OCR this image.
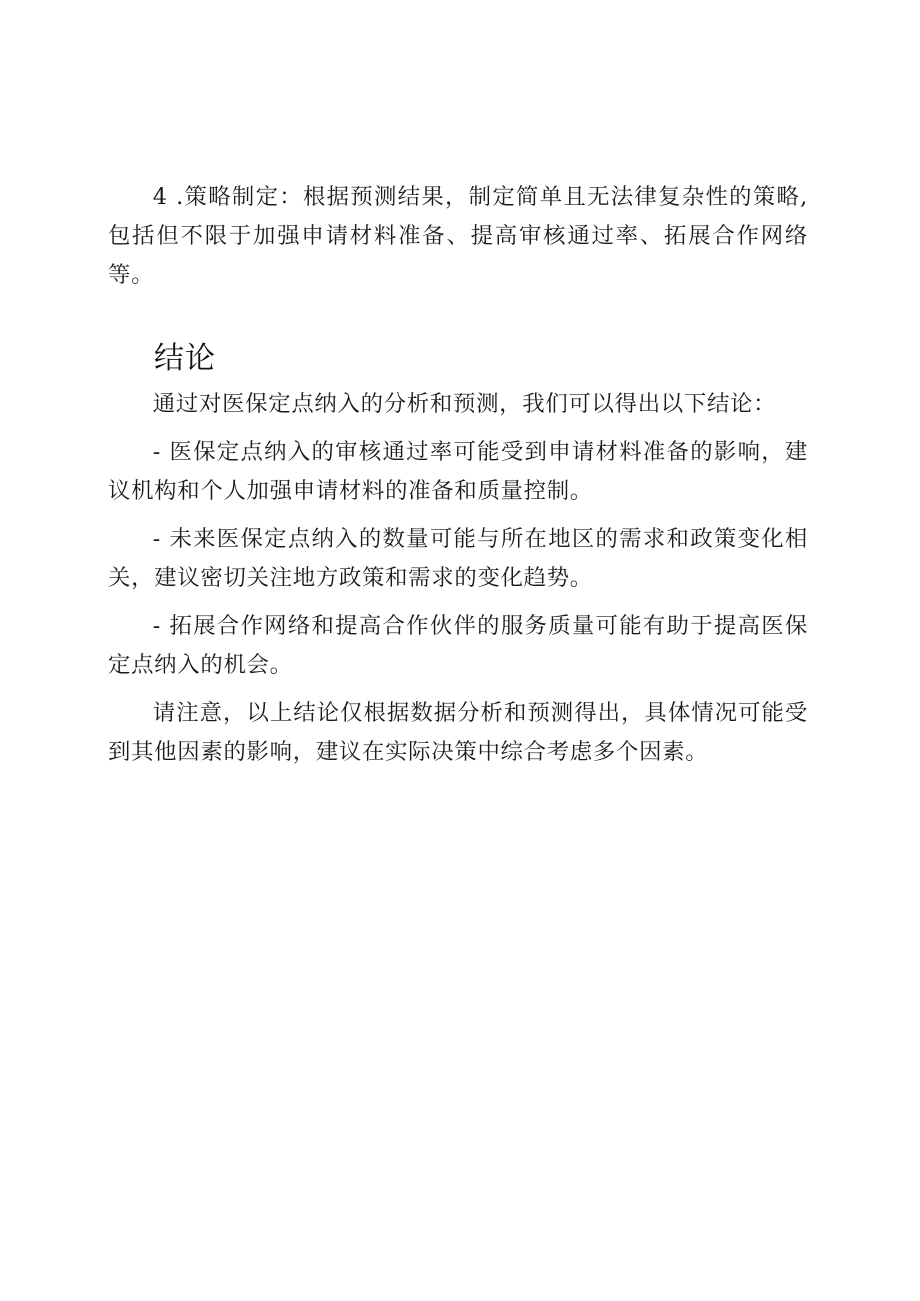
4 .策略制定：根据预测结果，制定简单且无法律复杂性的策略,包括但不限于加强申请材料准备、提高审核通过率、拓展合作网络等。

结论

通过对医保定点纳入的分析和预测，我们可以得出以下结论：

- 医保定点纳入的审核通过率可能受到申请材料准备的影响，建议机构和个人加强申请材料的准备和质量控制。

- 未来医保定点纳入的数量可能与所在地区的需求和政策变化相关，建议密切关注地方政策和需求的变化趋势。

- 拓展合作网络和提高合作伙伴的服务质量可能有助于提高医保定点纳入的机会。

请注意，以上结论仅根据数据分析和预测得出，具体情况可能受到其他因素的影响，建议在实际决策中综合考虑多个因素。
